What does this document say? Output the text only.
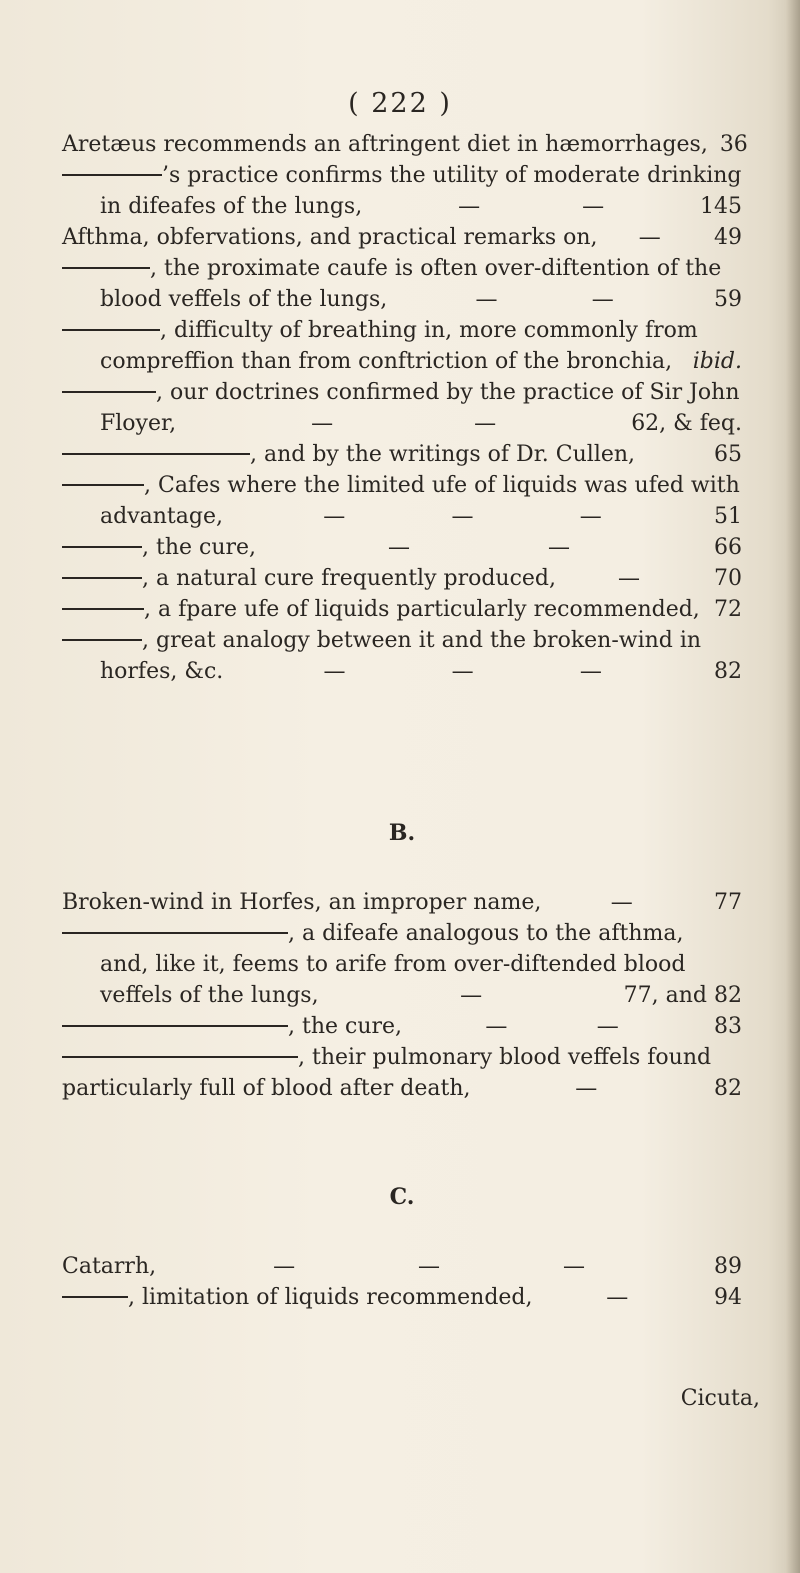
( 222 )
Aretæus recommends an aftringent diet in hæmorrhages, 36
’s practice confirms the utility of moderate drinking
in difeafes of the lungs,	—	—	145
Afthma, obfervations, and practical remarks on, —	49
, the proximate caufe is often over-diftention of the
blood veffels of the lungs,	—	—	59
, difficulty of breathing in, more commonly from
compreffion than from conftriction of the bronchia, ibid.
, our doctrines confirmed by the practice of Sir John
Floyer,	—	—	62, & feq.
, and by the writings of Dr. Cullen,	65
, Cafes where the limited ufe of liquids was ufed with
advantage,	—	—	—	51
, the cure,	—	—	66
, a natural cure frequently produced,	—	70
, a fpare ufe of liquids particularly recommended, 72
, great analogy between it and the broken-wind in
horfes, &c.	—	—	—	82
B.
Broken-wind in Horfes, an improper name,	—	77
, a difeafe analogous to the afthma,
and, like it, feems to arife from over-diftended blood
veffels of the lungs,	—	77, and 82
, the cure,	—	—	83
, their pulmonary blood veffels found
particularly full of blood after death,	—	82
C.
Catarrh,	—	—	—	89
, limitation of liquids recommended,	—	94
Cicuta,
